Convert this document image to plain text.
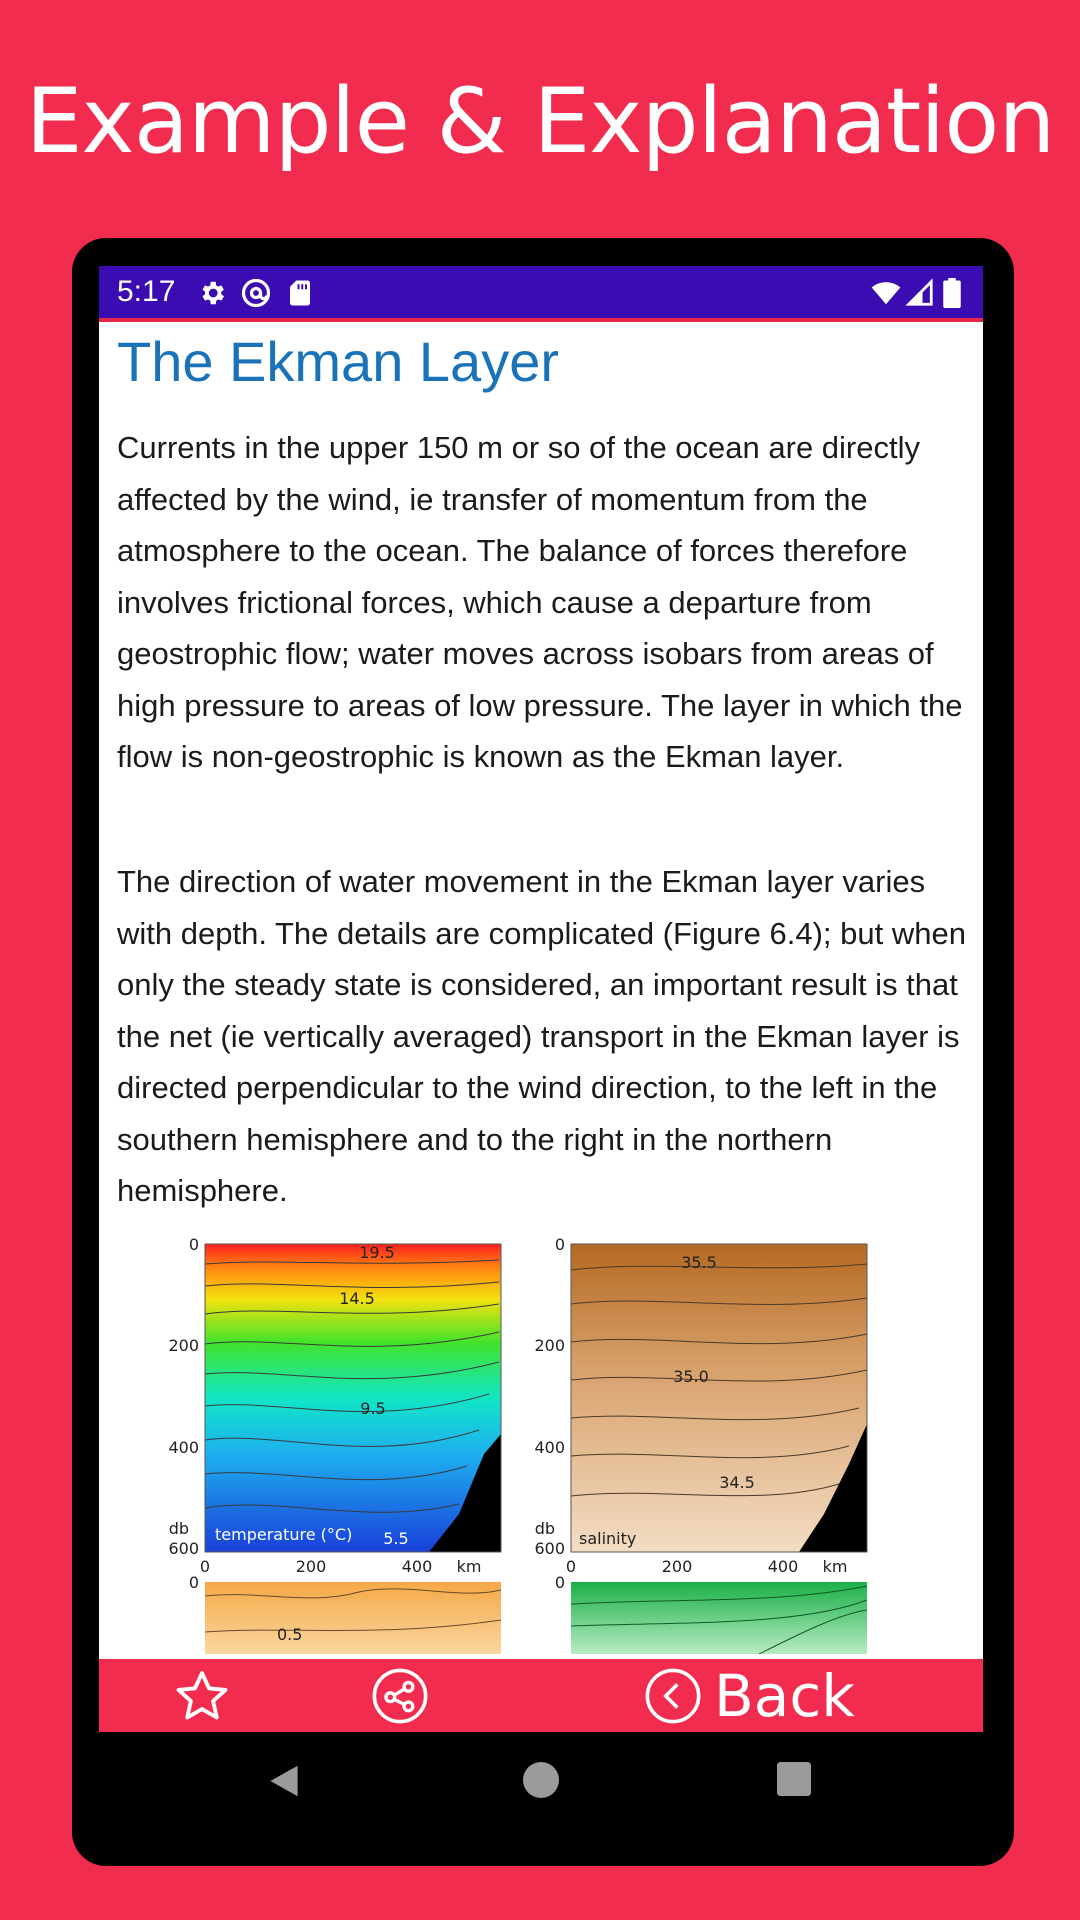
Example & Explanation
5:17
The Ekman Layer

Currents in the upper 150 m or so of the ocean are directly affected by the wind, ie transfer of momentum from the atmosphere to the ocean. The balance of forces therefore involves frictional forces, which cause a departure from geostrophic flow; water moves across isobars from areas of high pressure to areas of low pressure. The layer in which the flow is non-geostrophic is known as the Ekman layer.

The direction of water movement in the Ekman layer varies with depth. The details are complicated (Figure 6.4); but when only the steady state is considered, an important result is that the net (ie vertically averaged) transport in the Ekman layer is directed perpendicular to the wind direction, to the left in the southern hemisphere and to the right in the northern hemisphere.

0
200
400
db
600
0
200
400
db
600
0	0
0	200	400 km	0	200	400 km
19.5
14.5
9.5
5.5
35.5
35.0
34.5
temperature (°C)	salinity
0.5
Back
